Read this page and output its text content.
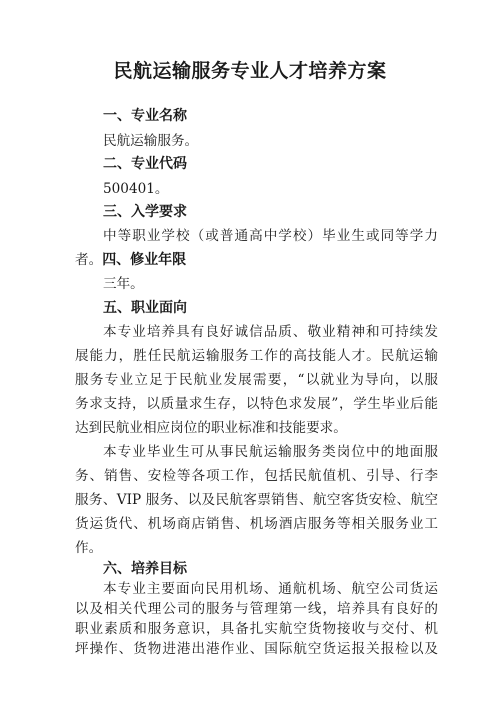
民航运输服务专业人才培养方案
一、专业名称
民航运输服务。
二、专业代码
500401。
三、入学要求
中等职业学校（或普通高中学校）毕业生或同等学力
者。四、修业年限
三年。
五、职业面向
本专业培养具有良好诚信品质、敬业精神和可持续发
展能力，胜任民航运输服务工作的高技能人才。民航运输
服务专业立足于民航业发展需要，“以就业为导向，以服
务求支持，以质量求生存，以特色求发展”，学生毕业后能
达到民航业相应岗位的职业标准和技能要求。
本专业毕业生可从事民航运输服务类岗位中的地面服
务、销售、安检等各项工作，包括民航值机、引导、行李
服务、VIP 服务、以及民航客票销售、航空客货安检、航空
货运货代、机场商店销售、机场酒店服务等相关服务业工
作。
六、培养目标
本专业主要面向民用机场、通航机场、航空公司货运
以及相关代理公司的服务与管理第一线，培养具有良好的
职业素质和服务意识，具备扎实航空货物接收与交付、机
坪操作、货物进港出港作业、国际航空货运报关报检以及
